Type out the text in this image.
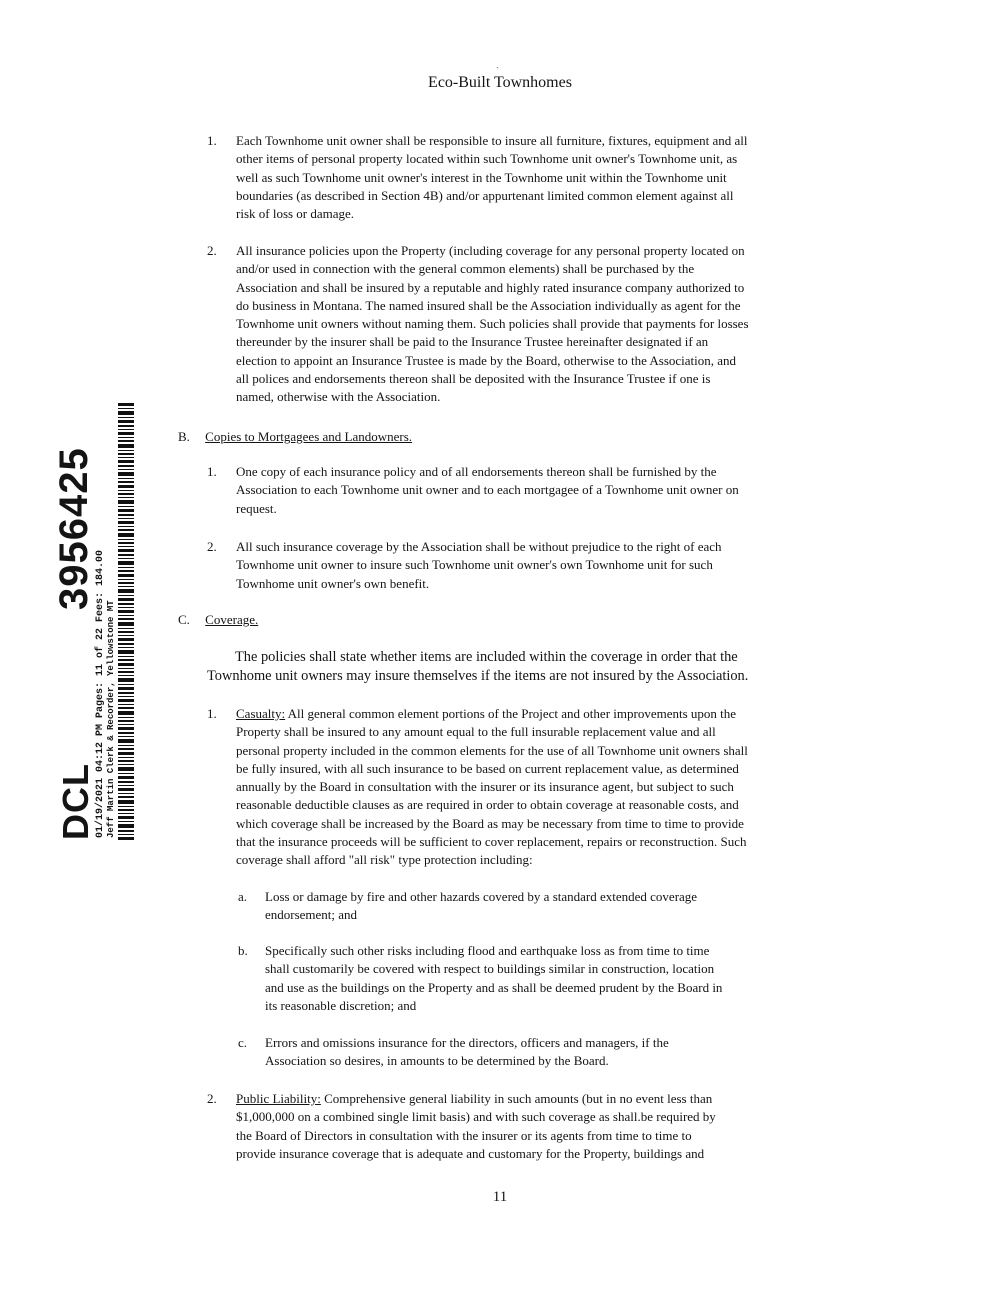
ˏ
Eco-Built Townhomes
DCL
3956425
01/19/2021 04:12 PM Pages: 11 of 22 Fees: 184.00 Jeff Martin Clerk & Recorder, Yellowstone MT
1. Each Townhome unit owner shall be responsible to insure all furniture, fixtures, equipment and all
other items of personal property located within such Townhome unit owner's Townhome unit, as
well as such Townhome unit owner's interest in the Townhome unit within the Townhome unit
boundaries (as described in Section 4B) and/or appurtenant limited common element against all
risk of loss or damage.
2. All insurance policies upon the Property (including coverage for any personal property located on
and/or used in connection with the general common elements) shall be purchased by the
Association and shall be insured by a reputable and highly rated insurance company authorized to
do business in Montana. The named insured shall be the Association individually as agent for the
Townhome unit owners without naming them. Such policies shall provide that payments for losses
thereunder by the insurer shall be paid to the Insurance Trustee hereinafter designated if an
election to appoint an Insurance Trustee is made by the Board, otherwise to the Association, and
all polices and endorsements thereon shall be deposited with the Insurance Trustee if one is
named, otherwise with the Association.
B. Copies to Mortgagees and Landowners.
1. One copy of each insurance policy and of all endorsements thereon shall be furnished by the
Association to each Townhome unit owner and to each mortgagee of a Townhome unit owner on
request.
2. All such insurance coverage by the Association shall be without prejudice to the right of each
Townhome unit owner to insure such Townhome unit owner's own Townhome unit for such
Townhome unit owner's own benefit.
C. Coverage.
The policies shall state whether items are included within the coverage in order that the
Townhome unit owners may insure themselves if the items are not insured by the Association.
1. Casualty: All general common element portions of the Project and other improvements upon the
Property shall be insured to any amount equal to the full insurable replacement value and all
personal property included in the common elements for the use of all Townhome unit owners shall
be fully insured, with all such insurance to be based on current replacement value, as determined
annually by the Board in consultation with the insurer or its insurance agent, but subject to such
reasonable deductible clauses as are required in order to obtain coverage at reasonable costs, and
which coverage shall be increased by the Board as may be necessary from time to time to provide
that the insurance proceeds will be sufficient to cover replacement, repairs or reconstruction. Such
coverage shall afford "all risk" type protection including:
a. Loss or damage by fire and other hazards covered by a standard extended coverage
endorsement; and
b. Specifically such other risks including flood and earthquake loss as from time to time
shall customarily be covered with respect to buildings similar in construction, location
and use as the buildings on the Property and as shall be deemed prudent by the Board in
its reasonable discretion; and
c. Errors and omissions insurance for the directors, officers and managers, if the
Association so desires, in amounts to be determined by the Board.
2. Public Liability: Comprehensive general liability in such amounts (but in no event less than
$1,000,000 on a combined single limit basis) and with such coverage as shall.be required by
the Board of Directors in consultation with the insurer or its agents from time to time to
provide insurance coverage that is adequate and customary for the Property, buildings and
11
